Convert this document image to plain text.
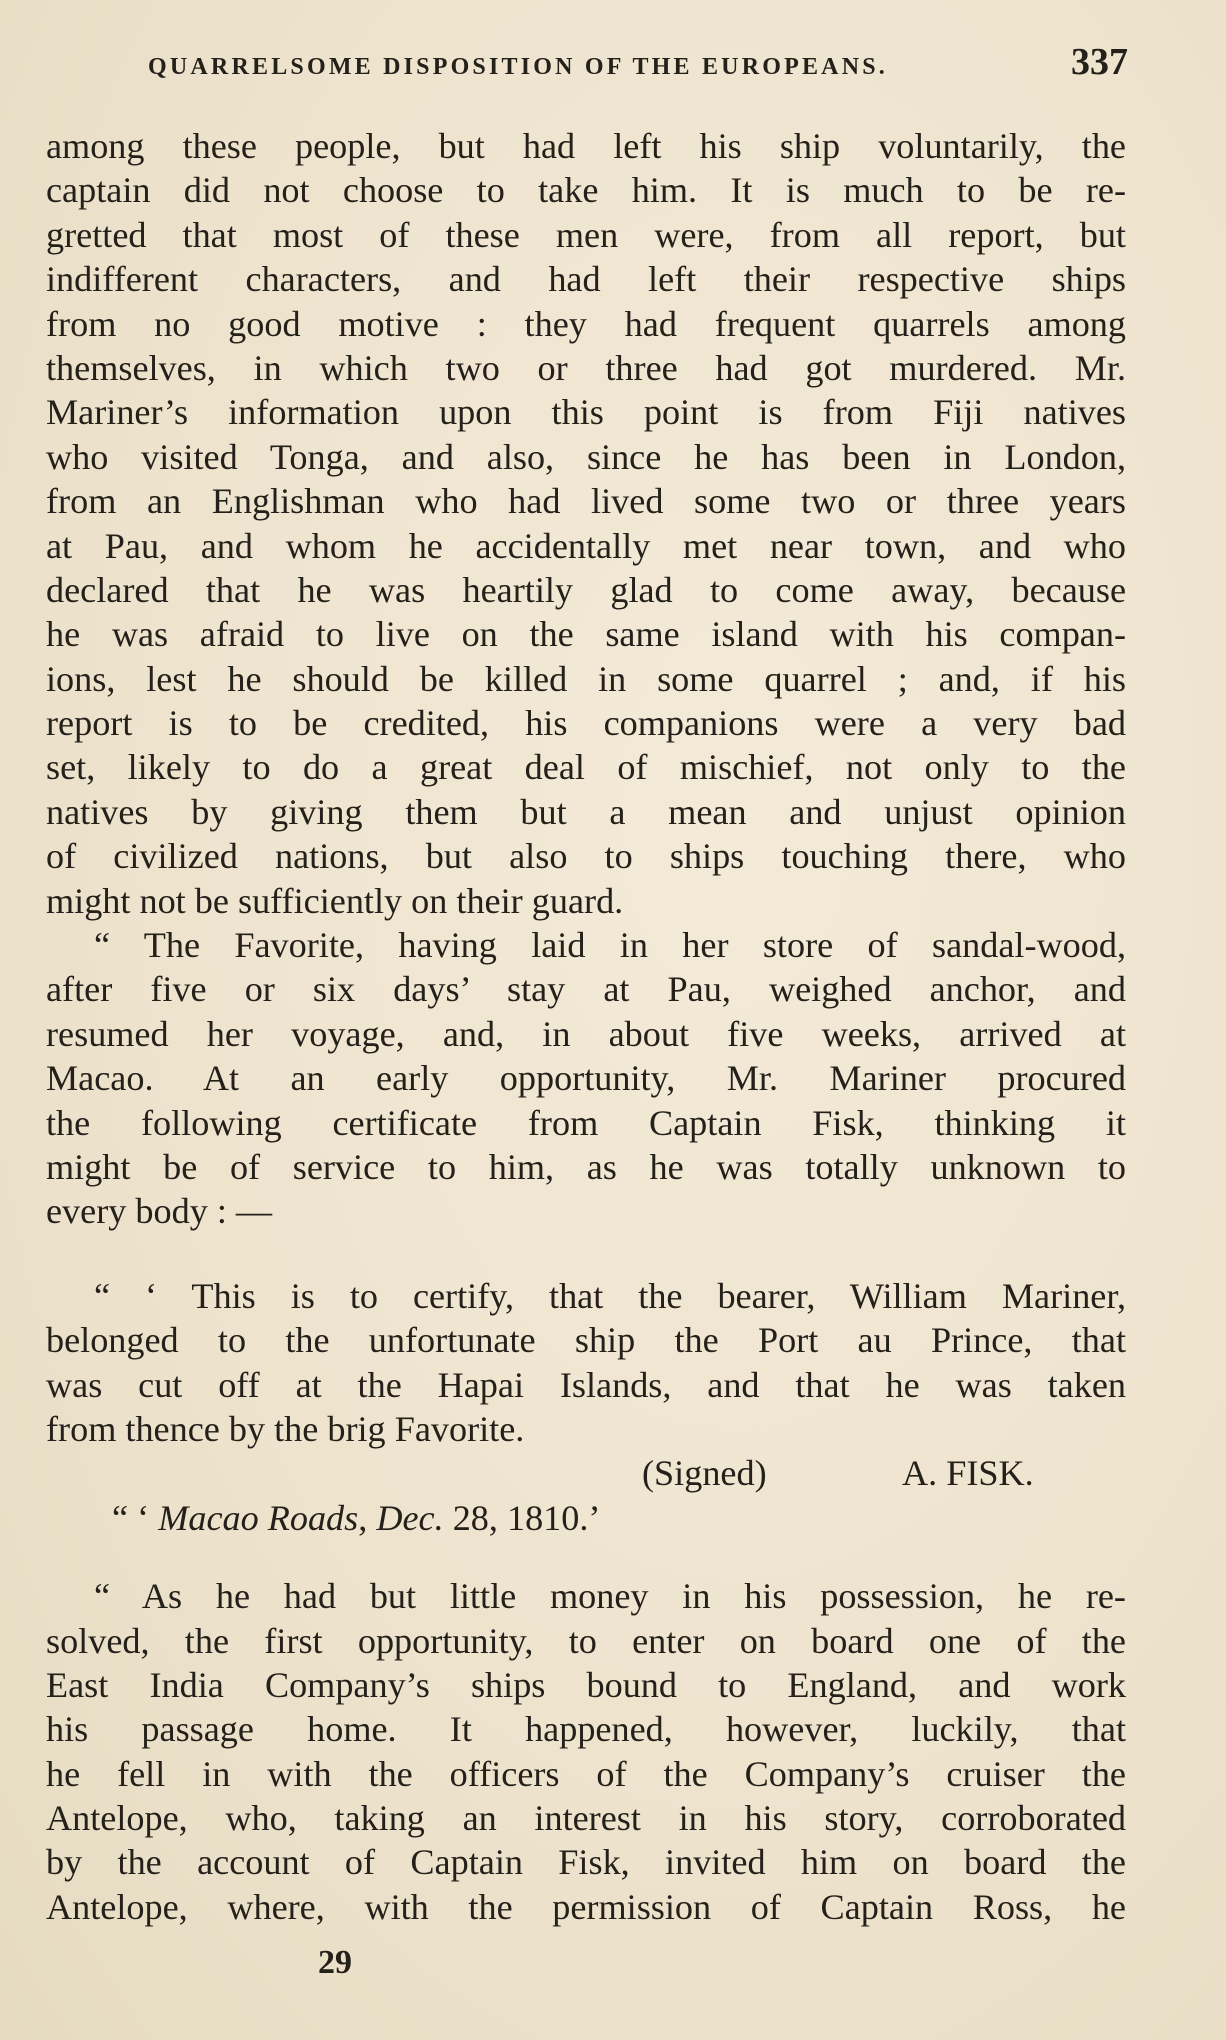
QUARRELSOME DISPOSITION OF THE EUROPEANS.	337
among these people, but had left his ship voluntarily, the
captain did not choose to take him. It is much to be re-
gretted that most of these men were, from all report, but
indifferent characters, and had left their respective ships
from no good motive : they had frequent quarrels among
themselves, in which two or three had got murdered. Mr.
Mariner’s information upon this point is from Fiji natives
who visited Tonga, and also, since he has been in London,
from an Englishman who had lived some two or three years
at Pau, and whom he accidentally met near town, and who
declared that he was heartily glad to come away, because
he was afraid to live on the same island with his compan-
ions, lest he should be killed in some quarrel ; and, if his
report is to be credited, his companions were a very bad
set, likely to do a great deal of mischief, not only to the
natives by giving them but a mean and unjust opinion
of civilized nations, but also to ships touching there, who
might not be sufficiently on their guard.
“ The Favorite, having laid in her store of sandal-wood,
after five or six days’ stay at Pau, weighed anchor, and
resumed her voyage, and, in about five weeks, arrived at
Macao. At an early opportunity, Mr. Mariner procured
the following certificate from Captain Fisk, thinking it
might be of service to him, as he was totally unknown to
every body : —
“ ‘ This is to certify, that the bearer, William Mariner,
belonged to the unfortunate ship the Port au Prince, that
was cut off at the Hapai Islands, and that he was taken
from thence by the brig Favorite.
(Signed)	A. FISK.
“ ‘ Macao Roads, Dec. 28, 1810.’
“ As he had but little money in his possession, he re-
solved, the first opportunity, to enter on board one of the
East India Company’s ships bound to England, and work
his passage home. It happened, however, luckily, that
he fell in with the officers of the Company’s cruiser the
Antelope, who, taking an interest in his story, corroborated
by the account of Captain Fisk, invited him on board the
Antelope, where, with the permission of Captain Ross, he
29
